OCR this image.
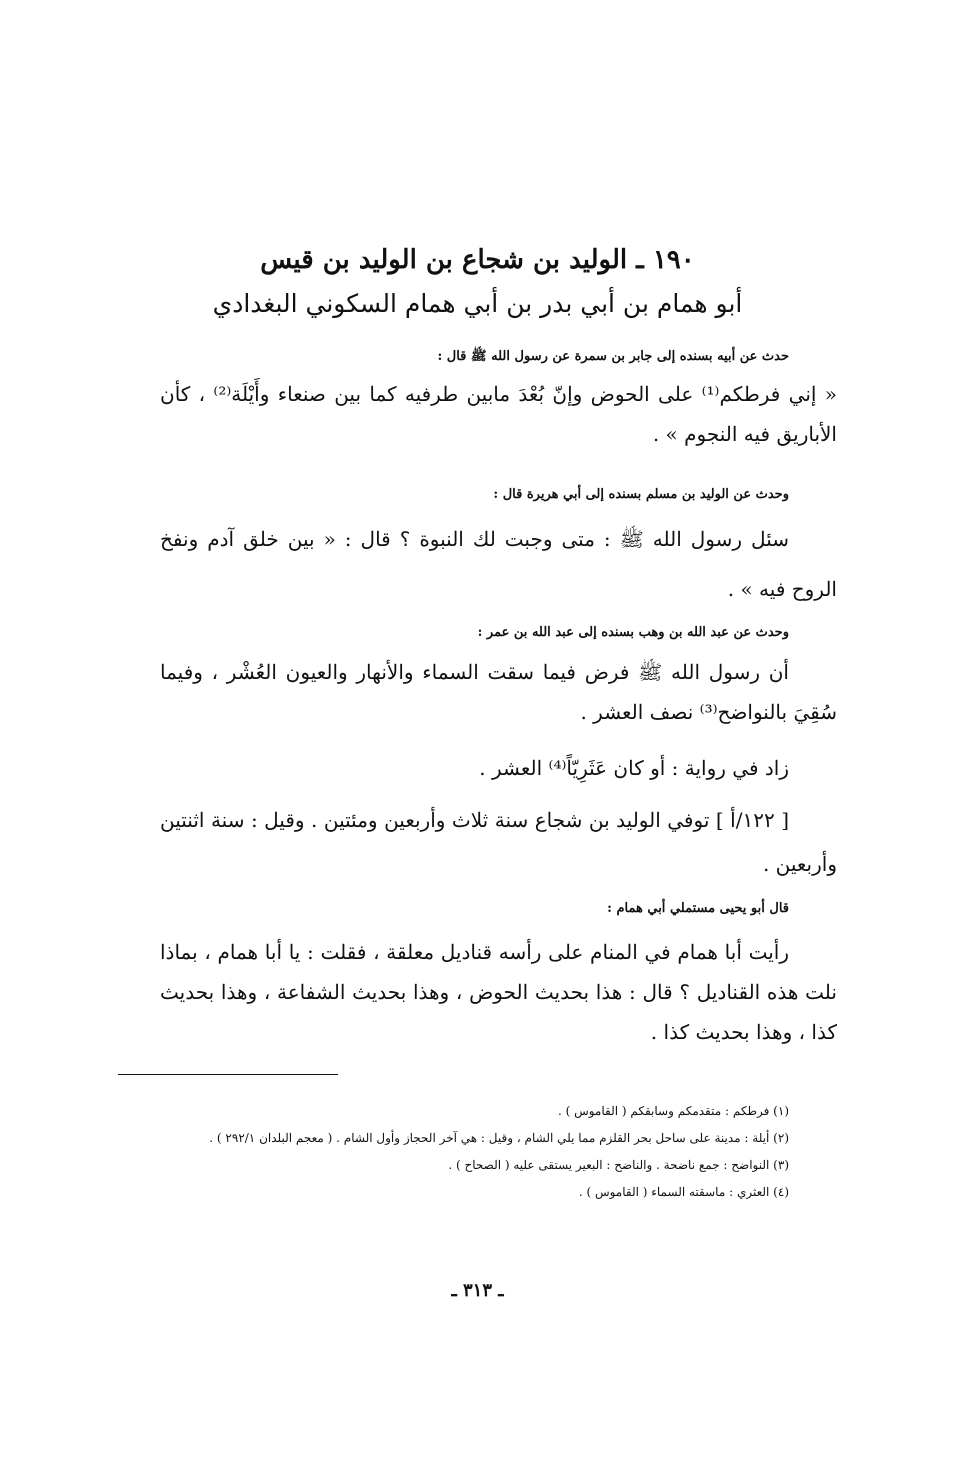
١٩٠ ـ الوليد بن شجاع بن الوليد بن قيس
أبو همام بن أبي بدر بن أبي همام السكوني البغدادي

حدث عن أبيه بسنده إلى جابر بن سمرة عن رسول الله ﷺ قال :

« إني فرطكم⁽¹⁾ على الحوض وإنّ بُعْدَ مابين طرفيه كما بين صنعاء وأَيْلَة⁽²⁾ ، كأن الأباريق فيه النجوم » .

وحدث عن الوليد بن مسلم بسنده إلى أبي هريرة قال :

سئل رسول الله ﷺ : متى وجبت لك النبوة ؟ قال : « بين خلق آدم ونفخ الروح فيه » .

وحدث عن عبد الله بن وهب بسنده إلى عبد الله بن عمر :

أن رسول الله ﷺ فرض فيما سقت السماء والأنهار والعيون العُشْر ، وفيما سُقِيَ بالنواضح⁽³⁾ نصف العشر .

زاد في رواية : أو كان عَثَرِيّاً⁽⁴⁾ العشر .

[ ١٢٢/أ ] توفي الوليد بن شجاع سنة ثلاث وأربعين ومئتين . وقيل : سنة اثنتين وأربعين .

قال أبو يحيى مستملي أبي همام :

رأيت أبا همام في المنام على رأسه قناديل معلقة ، فقلت : يا أبا همام ، بماذا نلت هذه القناديل ؟ قال : هذا بحديث الحوض ، وهذا بحديث الشفاعة ، وهذا بحديث كذا ، وهذا بحديث كذا .

(١) فرطكم : متقدمكم وسابقكم ( القاموس ) .
(٢) أيلة : مدينة على ساحل بحر القلزم مما يلي الشام ، وقيل : هي آخر الحجاز وأول الشام . ( معجم البلدان ٢٩٢/١ ) .
(٣) النواضح : جمع ناضحة . والناضح : البعير يستقى عليه ( الصحاح ) .
(٤) العثري : ماسقته السماء ( القاموس ) .
ـ ٣١٣ ـ
